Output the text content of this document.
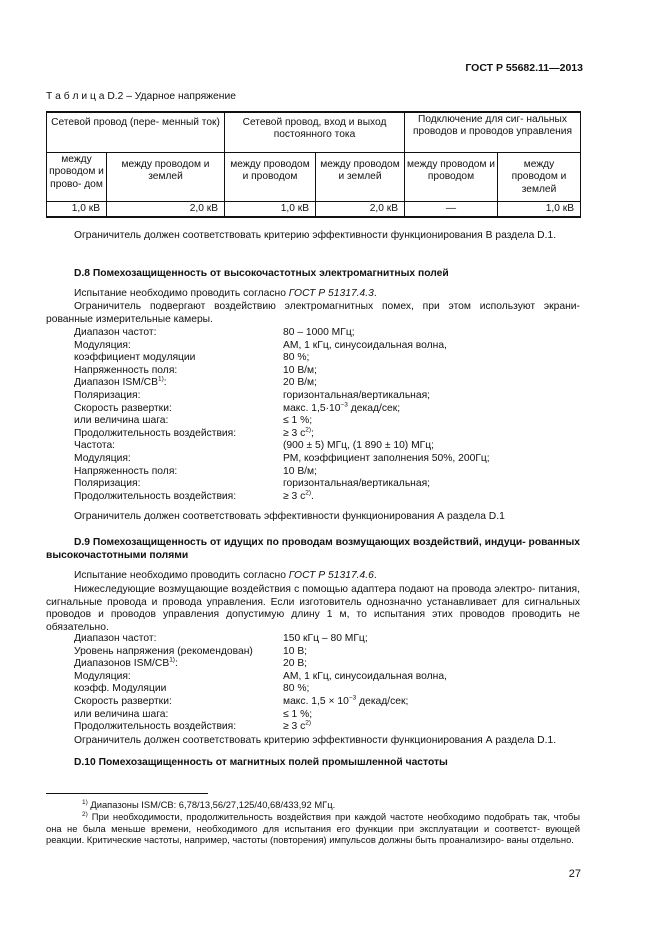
ГОСТ Р 55682.11—2013
Т а б л и ц а D.2 – Ударное напряжение
Сетевой провод (пере- менный ток)		Сетевой провод, вход и выход постоянного тока		Подключение для сиг- нальных проводов и проводов управления	
между проводом и прово- дом	между проводом и землей	между проводом и проводом	между проводом и землей	между проводом и проводом	между проводом и землей
1,0 кВ	2,0 кВ	1,0 кВ	2,0 кВ	—	1,0 кВ
Ограничитель должен соответствовать критерию эффективности функционирования В раздела D.1.
D.8 Помехозащищенность от высокочастотных электромагнитных полей
Испытание необходимо проводить согласно ГОСТ Р 51317.4.3.
Ограничитель подвергают воздействию электромагнитных помех, при этом используют экрани- рованные измерительные камеры.
Диапазон частот:	80 – 1000 МГц;
Модуляция:	АМ, 1 кГц, синусоидальная волна,
коэффициент модуляции	80 %;
Напряженность поля:	10 В/м;
Диапазон ISM/CB$^{1)}$:	20 В/м;
Поляризация:	горизонтальная/вертикальная;
Скорость развертки:	макс. $1,5\cdot 10^{-3}$ декад/сек;
или величина шага:	≤ 1 %;
Продолжительность воздействия:	≥ 3 $с^{2)}$;
Частота:	(900 ± 5) МГц, (1 890 ± 10) МГц;
Модуляция:	РМ, коэффициент заполнения 50%, 200Гц;
Напряженность поля:	10 В/м;
Поляризация:	горизонтальная/вертикальная;
Продолжительность воздействия:	≥ 3 $с^{2)}$.
Ограничитель должен соответствовать эффективности функционирования А раздела D.1
D.9 Помехозащищенность от идущих по проводам возмущающих воздействий, индуци- рованных высокочастотными полями
Испытание необходимо проводить согласно ГОСТ Р 51317.4.6.
Нижеследующие возмущающие воздействия с помощью адаптера подают на провода электро- питания, сигнальные провода и провода управления. Если изготовитель однозначно устанавливает для сигнальных проводов и проводов управления допустимую длину 1 м, то испытания этих проводов проводить не обязательно.
Диапазон частот:	150 кГц – 80 МГц;
Уровень напряжения (рекомендован)	10 В;
Диапазонов ISM/CB$^{1)}$:	20 В;
Модуляция:	АМ, 1 кГц, синусоидальная волна,
коэфф. Модуляции	80 %;
Скорость развертки:	макс. $1,5 \times 10^{-3}$ декад/сек;
или величина шага:	≤ 1 %;
Продолжительность воздействия:	≥ 3 $с^{2)}$
Ограничитель должен соответствовать критерию эффективности функционирования А раздела D.1.
D.10 Помехозащищенность от магнитных полей промышленной частоты
$^{1)}$ Диапазоны ISM/CB: 6,78/13,56/27,125/40,68/433,92 МГц.
$^{2)}$ При необходимости, продолжительность воздействия при каждой частоте необходимо подобрать так, чтобы она не была меньше времени, необходимого для испытания его функции при эксплуатации и соответст- вующей реакции. Критические частоты, например, частоты (повторения) импульсов должны быть проанализиро- ваны отдельно.
27
